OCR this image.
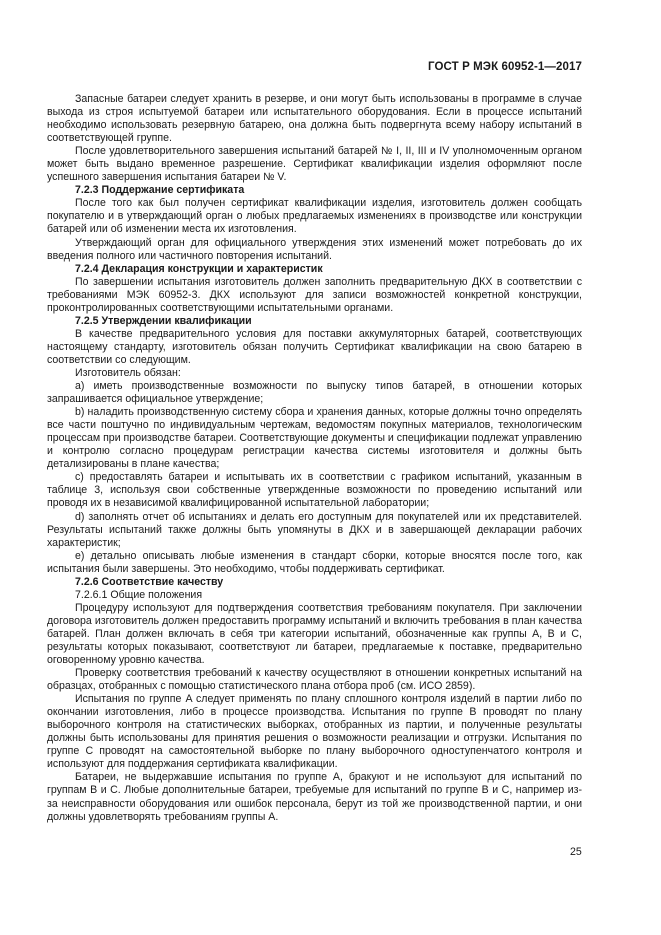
ГОСТ Р МЭК 60952-1—2017

Запасные батареи следует хранить в резерве, и они могут быть использованы в программе в случае выхода из строя испытуемой батареи или испытательного оборудования. Если в процессе испытаний необходимо использовать резервную батарею, она должна быть подвергнута всему набору испытаний в соответствующей группе.

После удовлетворительного завершения испытаний батарей № I, II, III и IV уполномоченным органом может быть выдано временное разрешение. Сертификат квалификации изделия оформляют после успешного завершения испытания батареи № V.

7.2.3 Поддержание сертификата

После того как был получен сертификат квалификации изделия, изготовитель должен сообщать покупателю и в утверждающий орган о любых предлагаемых изменениях в производстве или конструкции батарей или об изменении места их изготовления.

Утверждающий орган для официального утверждения этих изменений может потребовать до их введения полного или частичного повторения испытаний.

7.2.4 Декларация конструкции и характеристик

По завершении испытания изготовитель должен заполнить предварительную ДКХ в соответствии с требованиями МЭК 60952-3. ДКХ используют для записи возможностей конкретной конструкции, проконтролированных соответствующими испытательными органами.

7.2.5 Утверждении квалификации

В качестве предварительного условия для поставки аккумуляторных батарей, соответствующих настоящему стандарту, изготовитель обязан получить Сертификат квалификации на свою батарею в соответствии со следующим.

Изготовитель обязан:

a) иметь производственные возможности по выпуску типов батарей, в отношении которых запрашивается официальное утверждение;

b) наладить производственную систему сбора и хранения данных, которые должны точно определять все части поштучно по индивидуальным чертежам, ведомостям покупных материалов, технологическим процессам при производстве батареи. Соответствующие документы и спецификации подлежат управлению и контролю согласно процедурам регистрации качества системы изготовителя и должны быть детализированы в плане качества;

c) предоставлять батареи и испытывать их в соответствии с графиком испытаний, указанным в таблице 3, используя свои собственные утвержденные возможности по проведению испытаний или проводя их в независимой квалифицированной испытательной лаборатории;

d) заполнять отчет об испытаниях и делать его доступным для покупателей или их представителей. Результаты испытаний также должны быть упомянуты в ДКХ и в завершающей декларации рабочих характеристик;

e) детально описывать любые изменения в стандарт сборки, которые вносятся после того, как испытания были завершены. Это необходимо, чтобы поддерживать сертификат.

7.2.6 Соответствие качеству

7.2.6.1 Общие положения

Процедуру используют для подтверждения соответствия требованиям покупателя. При заключении договора изготовитель должен предоставить программу испытаний и включить требования в план качества батарей. План должен включать в себя три категории испытаний, обозначенные как группы A, B и C, результаты которых показывают, соответствуют ли батареи, предлагаемые к поставке, предварительно оговоренному уровню качества.

Проверку соответствия требований к качеству осуществляют в отношении конкретных испытаний на образцах, отобранных с помощью статистического плана отбора проб (см. ИСО 2859).

Испытания по группе A следует применять по плану сплошного контроля изделий в партии либо по окончании изготовления, либо в процессе производства. Испытания по группе B проводят по плану выборочного контроля на статистических выборках, отобранных из партии, и полученные результаты должны быть использованы для принятия решения о возможности реализации и отгрузки. Испытания по группе C проводят на самостоятельной выборке по плану выборочного одноступенчатого контроля и используют для поддержания сертификата квалификации.

Батареи, не выдержавшие испытания по группе A, бракуют и не используют для испытаний по группам B и C. Любые дополнительные батареи, требуемые для испытаний по группе B и C, например из-за неисправности оборудования или ошибок персонала, берут из той же производственной партии, и они должны удовлетворять требованиям группы A.

25
